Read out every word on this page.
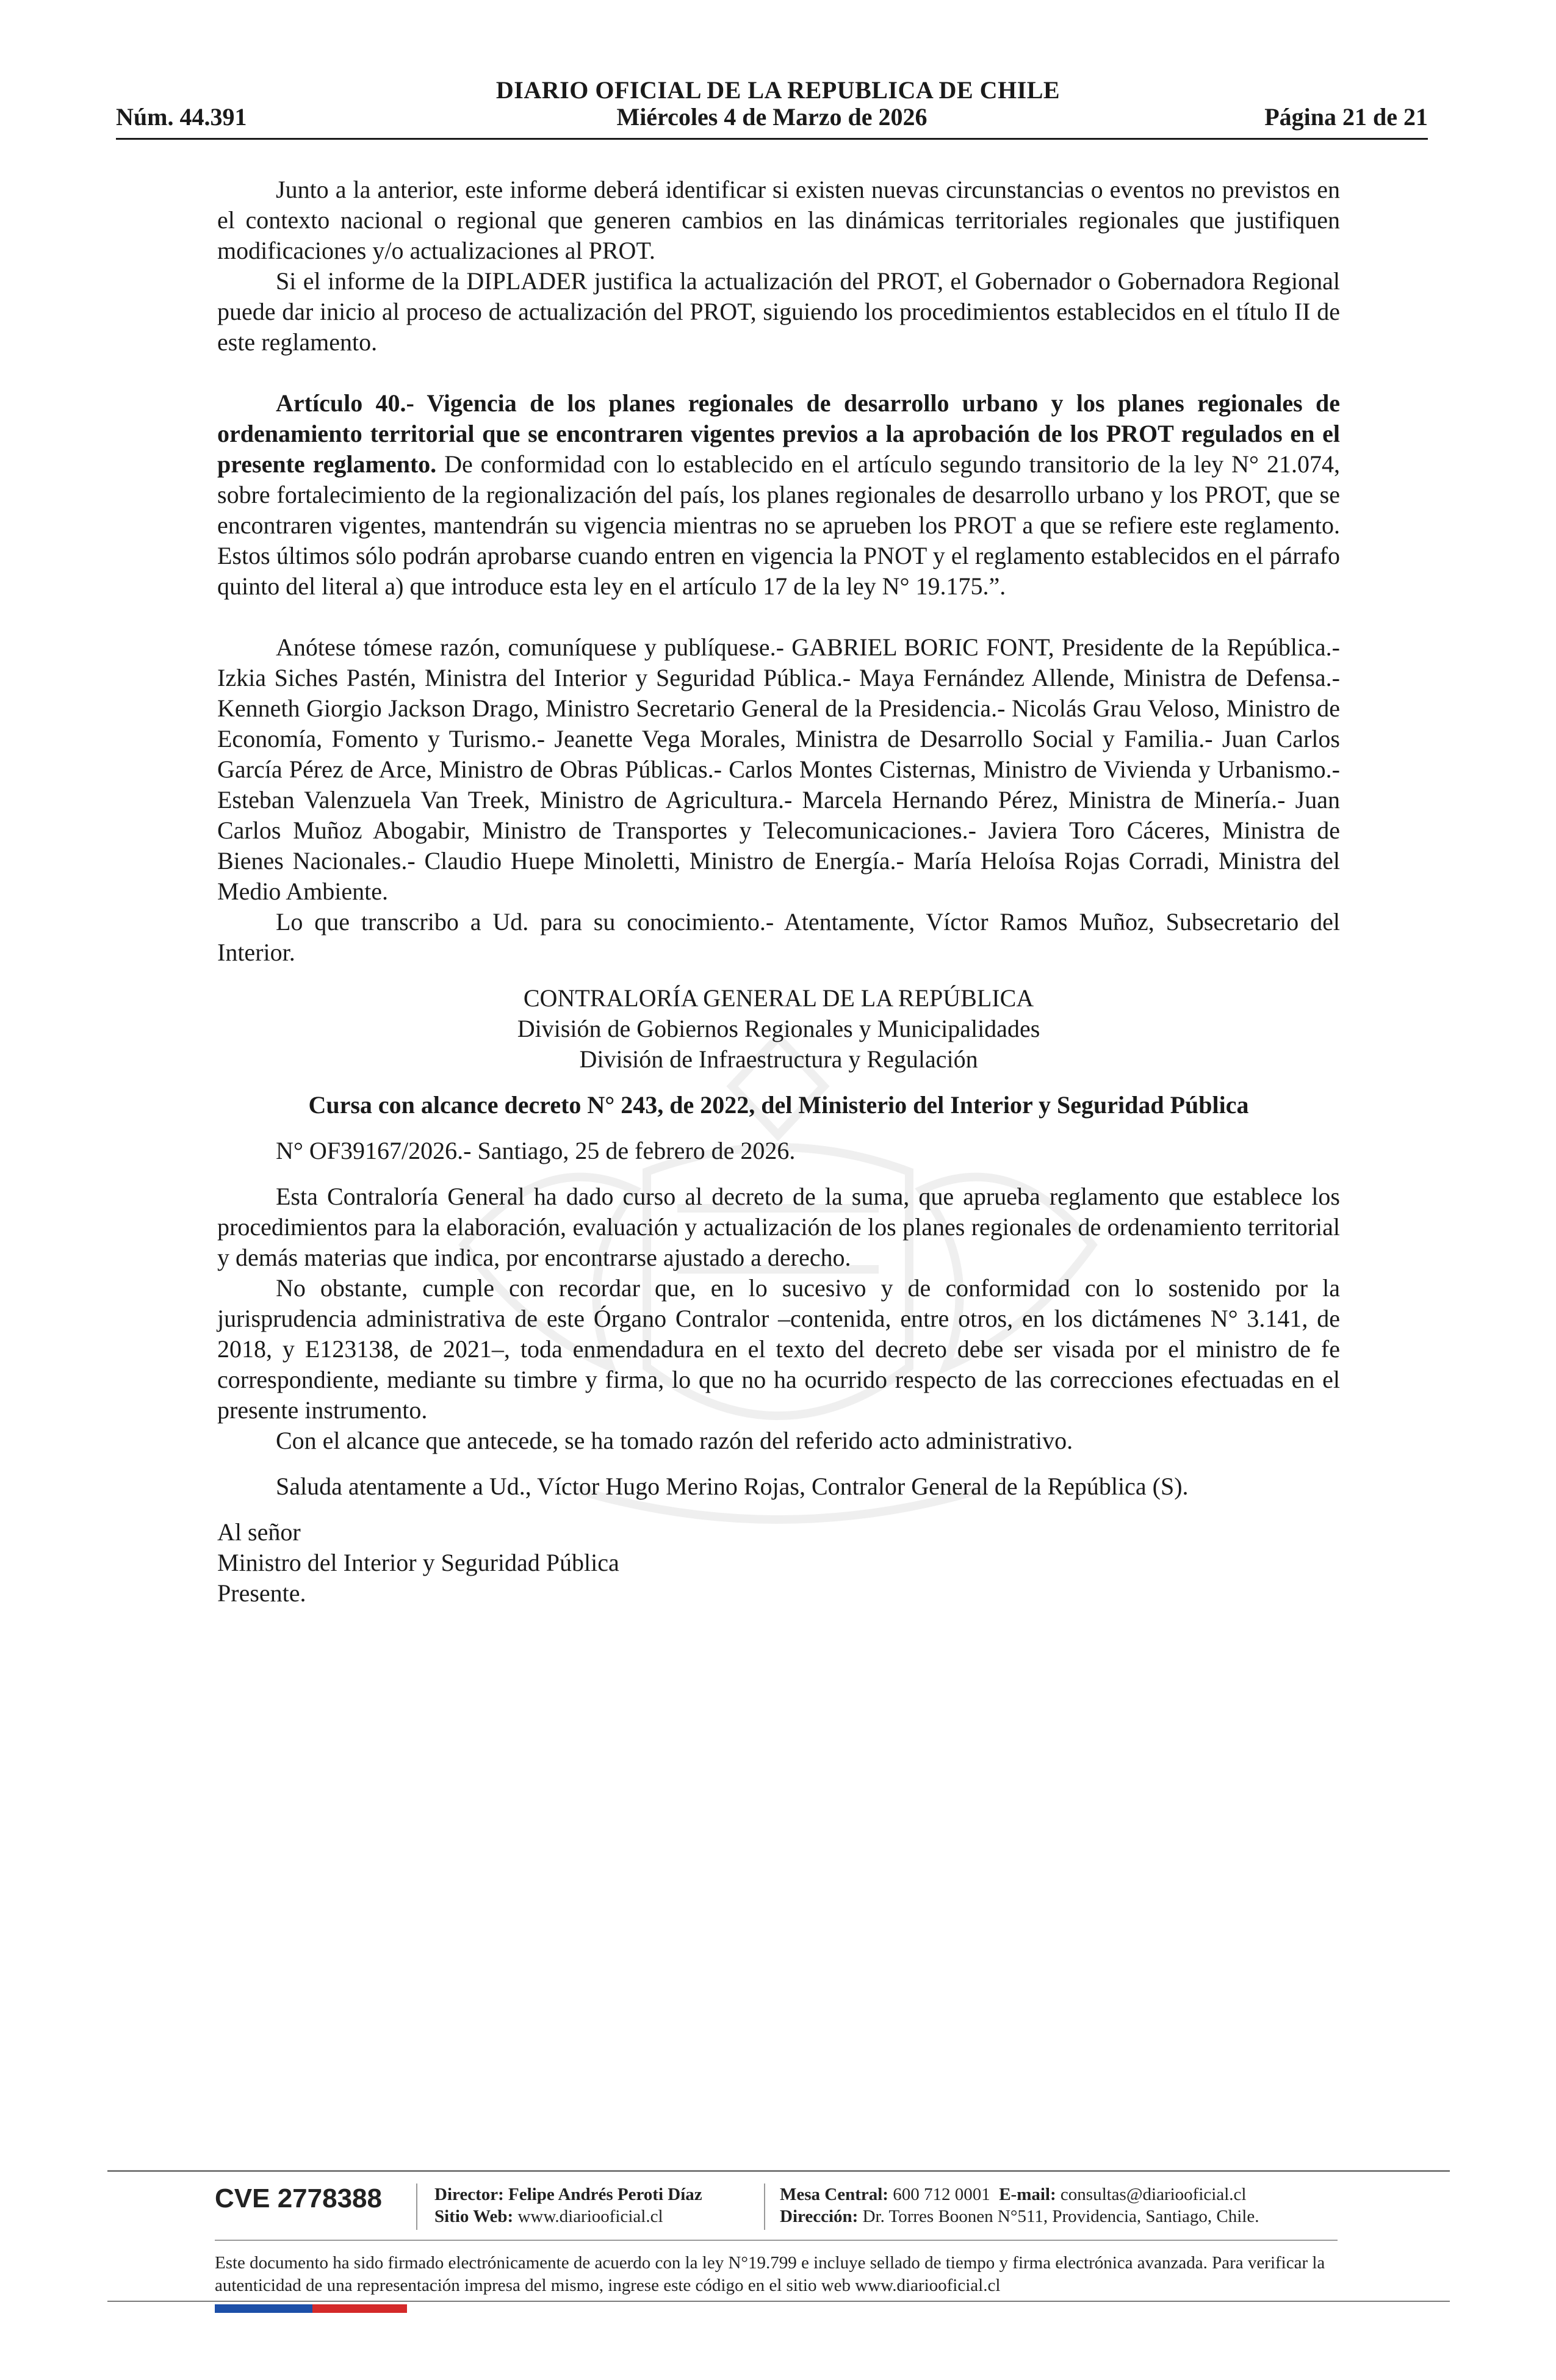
DIARIO OFICIAL DE LA REPUBLICA DE CHILE
Núm. 44.391	Miércoles 4 de Marzo de 2026	Página 21 de 21

Junto a la anterior, este informe deberá identificar si existen nuevas circunstancias o eventos no previstos en el contexto nacional o regional que generen cambios en las dinámicas territoriales regionales que justifiquen modificaciones y/o actualizaciones al PROT.

Si el informe de la DIPLADER justifica la actualización del PROT, el Gobernador o Gobernadora Regional puede dar inicio al proceso de actualización del PROT, siguiendo los procedimientos establecidos en el título II de este reglamento.

Artículo 40.- Vigencia de los planes regionales de desarrollo urbano y los planes regionales de ordenamiento territorial que se encontraren vigentes previos a la aprobación de los PROT regulados en el presente reglamento. De conformidad con lo establecido en el artículo segundo transitorio de la ley N° 21.074, sobre fortalecimiento de la regionalización del país, los planes regionales de desarrollo urbano y los PROT, que se encontraren vigentes, mantendrán su vigencia mientras no se aprueben los PROT a que se refiere este reglamento. Estos últimos sólo podrán aprobarse cuando entren en vigencia la PNOT y el reglamento establecidos en el párrafo quinto del literal a) que introduce esta ley en el artículo 17 de la ley N° 19.175.”.

Anótese tómese razón, comuníquese y publíquese.- GABRIEL BORIC FONT, Presidente de la República.- Izkia Siches Pastén, Ministra del Interior y Seguridad Pública.- Maya Fernández Allende, Ministra de Defensa.- Kenneth Giorgio Jackson Drago, Ministro Secretario General de la Presidencia.- Nicolás Grau Veloso, Ministro de Economía, Fomento y Turismo.- Jeanette Vega Morales, Ministra de Desarrollo Social y Familia.- Juan Carlos García Pérez de Arce, Ministro de Obras Públicas.- Carlos Montes Cisternas, Ministro de Vivienda y Urbanismo.- Esteban Valenzuela Van Treek, Ministro de Agricultura.- Marcela Hernando Pérez, Ministra de Minería.- Juan Carlos Muñoz Abogabir, Ministro de Transportes y Telecomunicaciones.- Javiera Toro Cáceres, Ministra de Bienes Nacionales.- Claudio Huepe Minoletti, Ministro de Energía.- María Heloísa Rojas Corradi, Ministra del Medio Ambiente.

Lo que transcribo a Ud. para su conocimiento.- Atentamente, Víctor Ramos Muñoz, Subsecretario del Interior.

CONTRALORÍA GENERAL DE LA REPÚBLICA

División de Gobiernos Regionales y Municipalidades

División de Infraestructura y Regulación

Cursa con alcance decreto N° 243, de 2022, del Ministerio del Interior y Seguridad Pública

N° OF39167/2026.- Santiago, 25 de febrero de 2026.

Esta Contraloría General ha dado curso al decreto de la suma, que aprueba reglamento que establece los procedimientos para la elaboración, evaluación y actualización de los planes regionales de ordenamiento territorial y demás materias que indica, por encontrarse ajustado a derecho.

No obstante, cumple con recordar que, en lo sucesivo y de conformidad con lo sostenido por la jurisprudencia administrativa de este Órgano Contralor –contenida, entre otros, en los dictámenes N° 3.141, de 2018, y E123138, de 2021–, toda enmendadura en el texto del decreto debe ser visada por el ministro de fe correspondiente, mediante su timbre y firma, lo que no ha ocurrido respecto de las correcciones efectuadas en el presente instrumento.

Con el alcance que antecede, se ha tomado razón del referido acto administrativo.

Saluda atentamente a Ud., Víctor Hugo Merino Rojas, Contralor General de la República (S).

Al señor

Ministro del Interior y Seguridad Pública

Presente.

CVE 2778388	Director: Felipe Andrés Peroti Díaz
Sitio Web: www.diariooficial.cl
Mesa Central: 600 712 0001 E-mail: consultas@diariooficial.cl
Dirección: Dr. Torres Boonen N°511, Providencia, Santiago, Chile.
Este documento ha sido firmado electrónicamente de acuerdo con la ley N°19.799 e incluye sellado de tiempo y firma electrónica avanzada. Para verificar la autenticidad de una representación impresa del mismo, ingrese este código en el sitio web www.diariooficial.cl
